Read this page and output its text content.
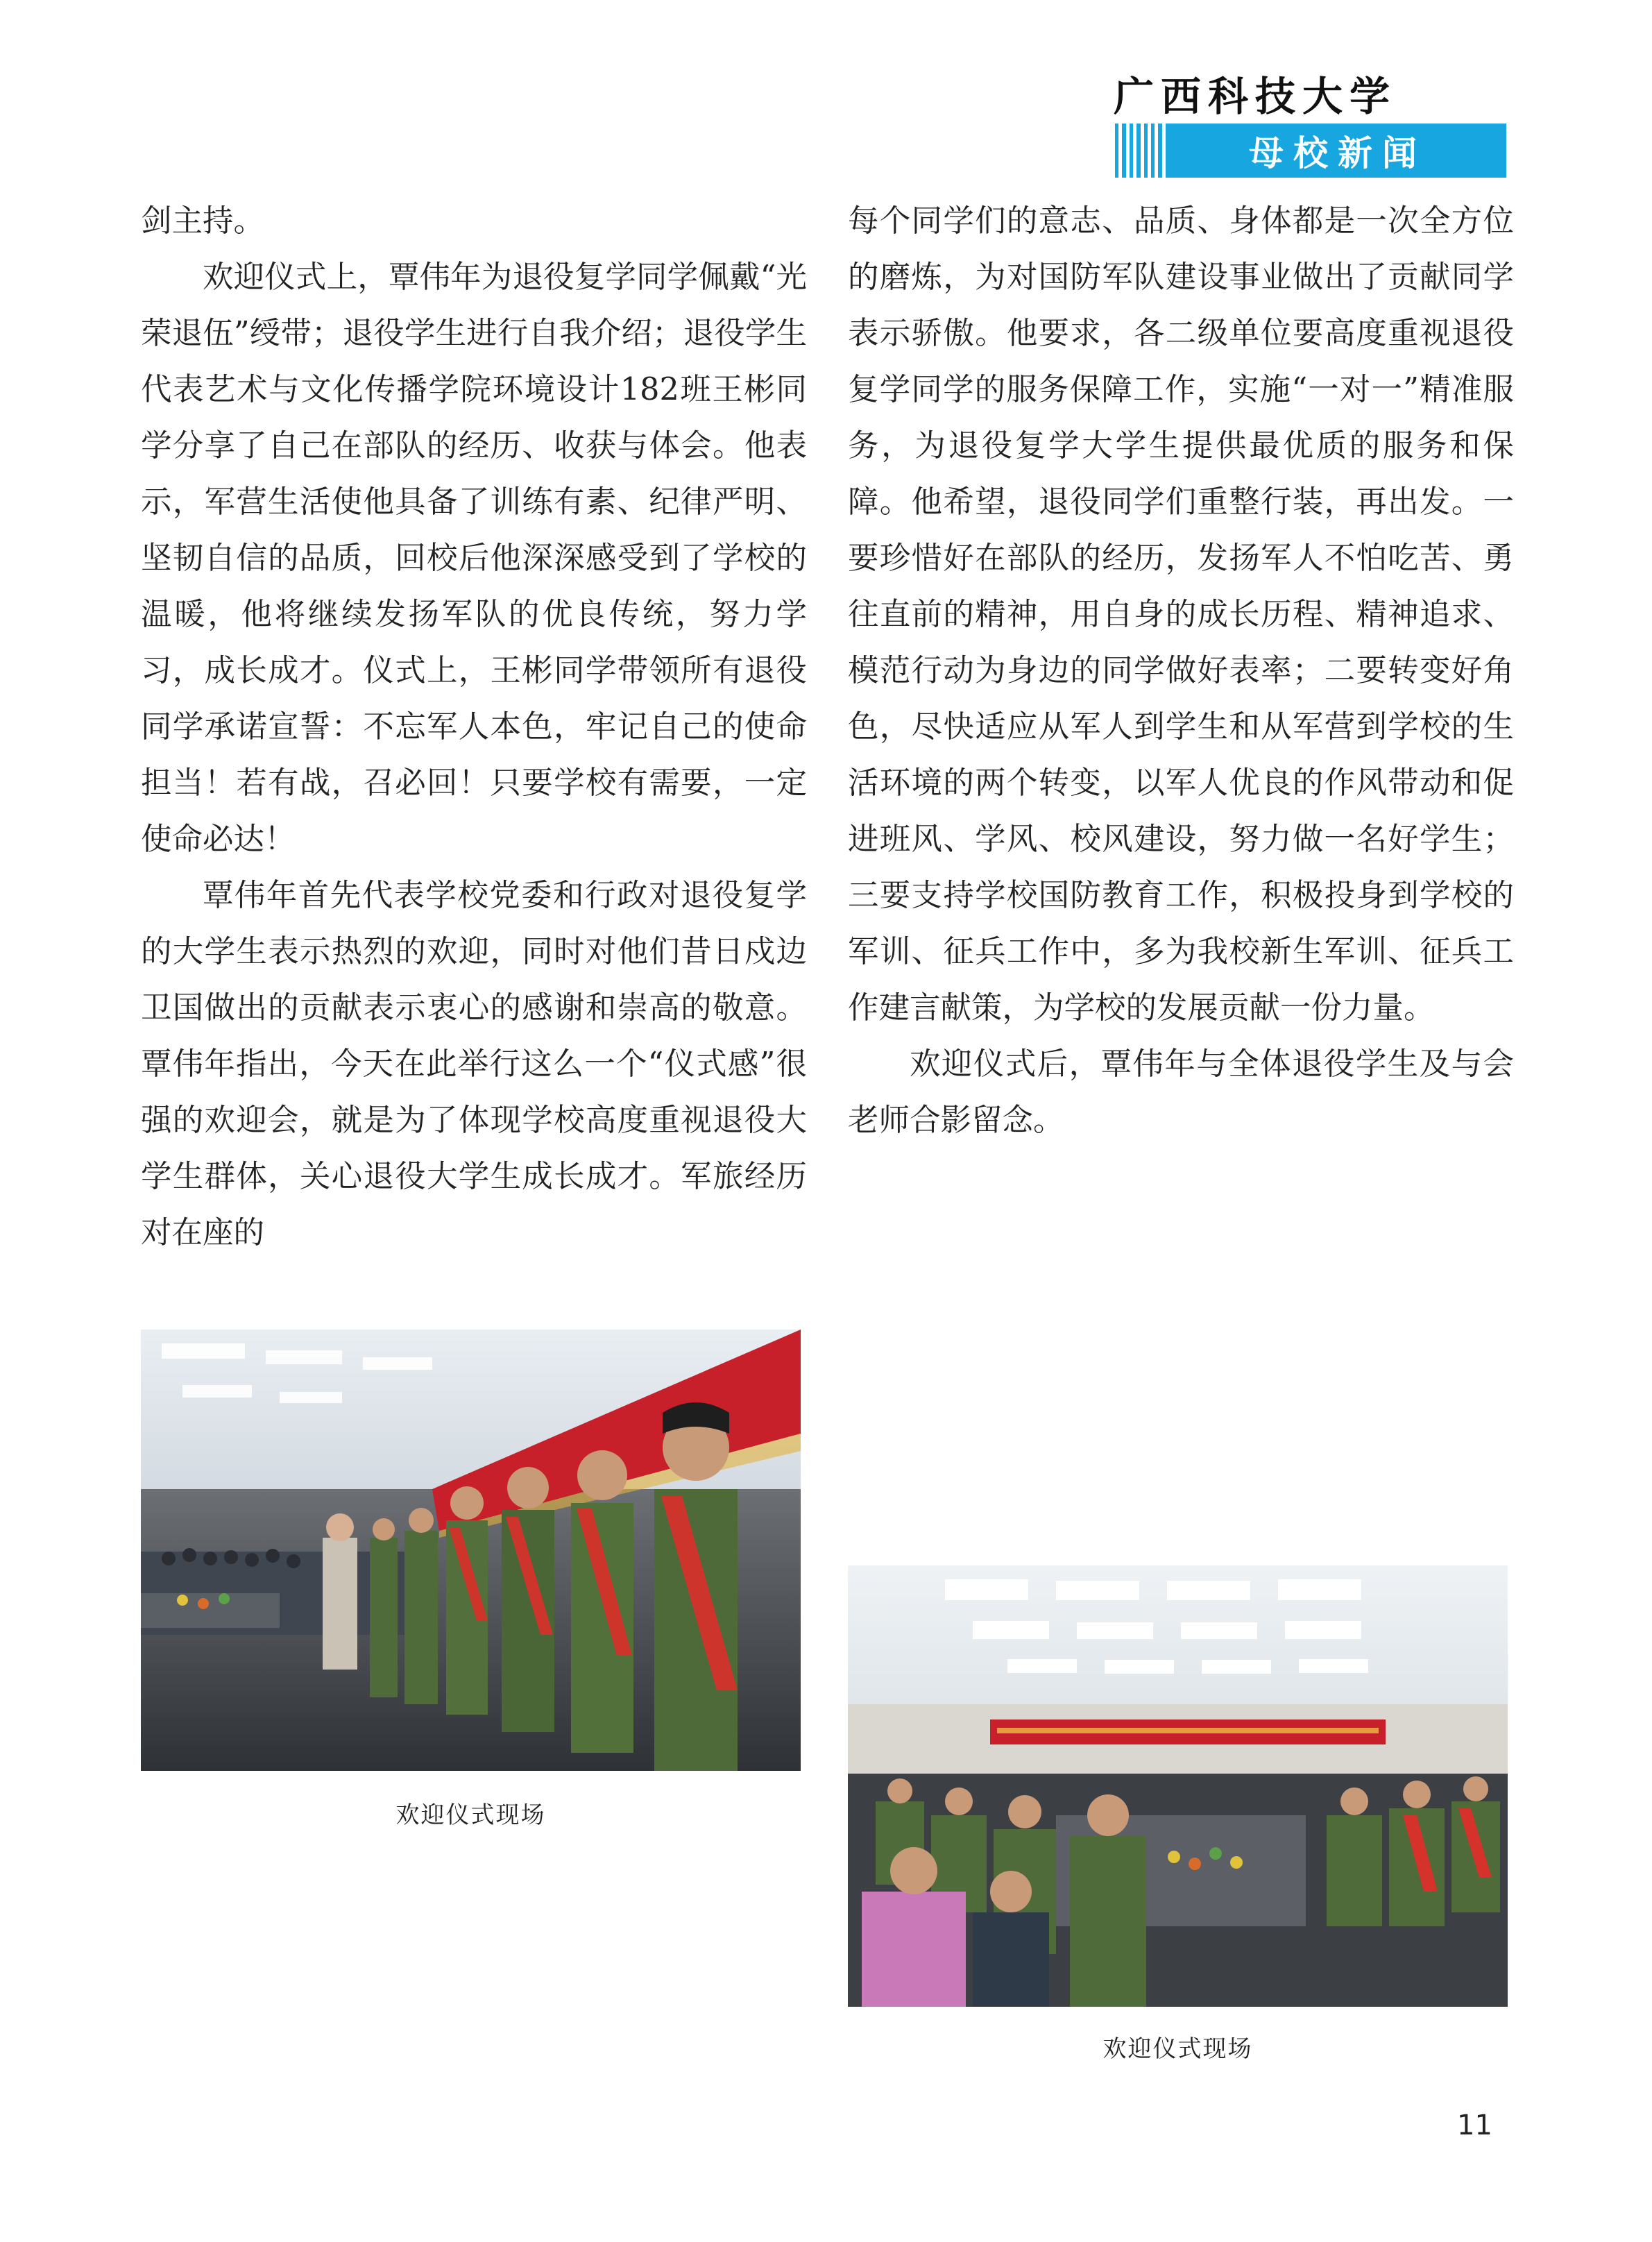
广西科技大学
母校新闻

剑主持。

欢迎仪式上，覃伟年为退役复学同学佩戴“光荣退伍”绶带；退役学生进行自我介绍；退役学生代表艺术与文化传播学院环境设计182班王彬同学分享了自己在部队的经历、收获与体会。他表示，军营生活使他具备了训练有素、纪律严明、坚韧自信的品质，回校后他深深感受到了学校的温暖，他将继续发扬军队的优良传统，努力学习，成长成才。仪式上，王彬同学带领所有退役同学承诺宣誓：不忘军人本色，牢记自己的使命担当！若有战，召必回！只要学校有需要，一定使命必达！

覃伟年首先代表学校党委和行政对退役复学的大学生表示热烈的欢迎，同时对他们昔日戍边卫国做出的贡献表示衷心的感谢和崇高的敬意。覃伟年指出，今天在此举行这么一个“仪式感”很强的欢迎会，就是为了体现学校高度重视退役大学生群体，关心退役大学生成长成才。军旅经历对在座的

每个同学们的意志、品质、身体都是一次全方位的磨炼，为对国防军队建设事业做出了贡献同学表示骄傲。他要求，各二级单位要高度重视退役复学同学的服务保障工作，实施“一对一”精准服务，为退役复学大学生提供最优质的服务和保障。他希望，退役同学们重整行装，再出发。一要珍惜好在部队的经历，发扬军人不怕吃苦、勇往直前的精神，用自身的成长历程、精神追求、模范行动为身边的同学做好表率；二要转变好角色，尽快适应从军人到学生和从军营到学校的生活环境的两个转变，以军人优良的作风带动和促进班风、学风、校风建设，努力做一名好学生；三要支持学校国防教育工作，积极投身到学校的军训、征兵工作中，多为我校新生军训、征兵工作建言献策，为学校的发展贡献一份力量。

欢迎仪式后，覃伟年与全体退役学生及与会老师合影留念。

欢迎仪式现场
欢迎仪式现场
11
